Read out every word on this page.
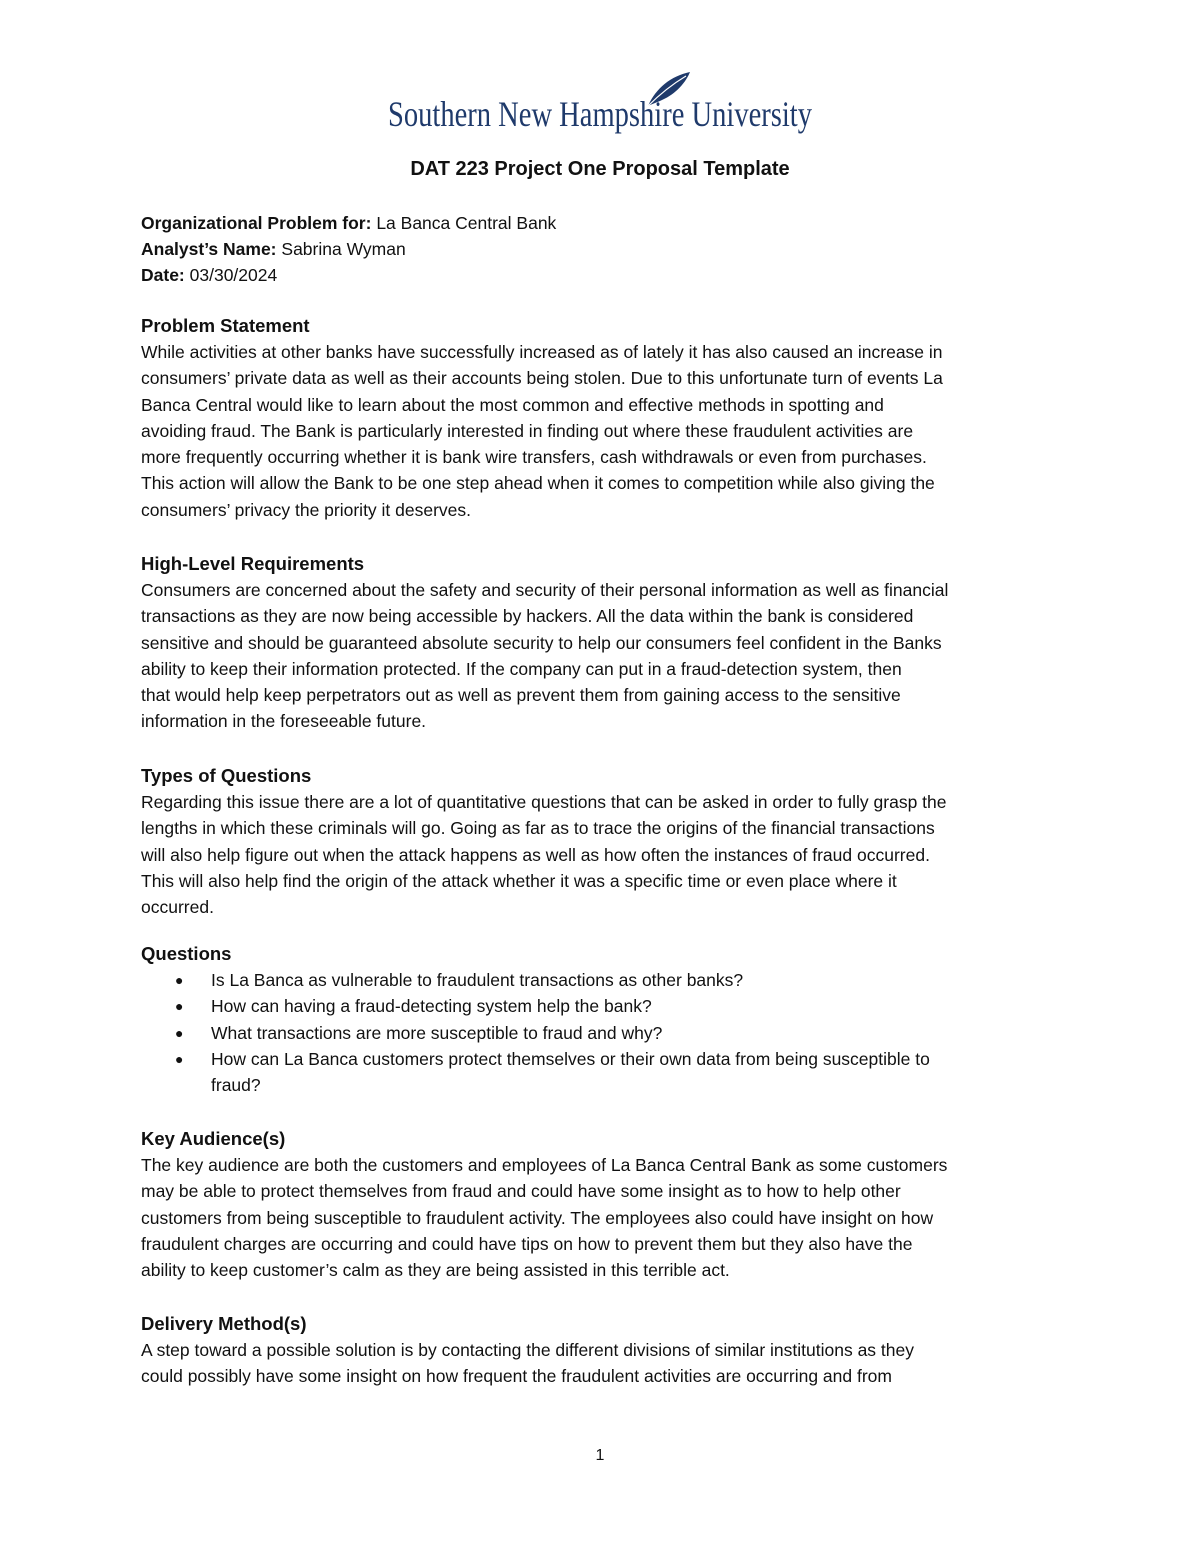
Southern New Hampshire University
DAT 223 Project One Proposal Template
Organizational Problem for: La Banca Central Bank
Analyst’s Name: Sabrina Wyman
Date: 03/30/2024
Problem Statement

While activities at other banks have successfully increased as of lately it has also caused an increase in
consumers’ private data as well as their accounts being stolen. Due to this unfortunate turn of events La
Banca Central would like to learn about the most common and effective methods in spotting and
avoiding fraud. The Bank is particularly interested in finding out where these fraudulent activities are
more frequently occurring whether it is bank wire transfers, cash withdrawals or even from purchases.
This action will allow the Bank to be one step ahead when it comes to competition while also giving the
consumers’ privacy the priority it deserves.

High-Level Requirements

Consumers are concerned about the safety and security of their personal information as well as financial
transactions as they are now being accessible by hackers. All the data within the bank is considered
sensitive and should be guaranteed absolute security to help our consumers feel confident in the Banks
ability to keep their information protected. If the company can put in a fraud-detection system, then
that would help keep perpetrators out as well as prevent them from gaining access to the sensitive
information in the foreseeable future.

Types of Questions

Regarding this issue there are a lot of quantitative questions that can be asked in order to fully grasp the
lengths in which these criminals will go. Going as far as to trace the origins of the financial transactions
will also help figure out when the attack happens as well as how often the instances of fraud occurred.
This will also help find the origin of the attack whether it was a specific time or even place where it
occurred.

Questions
● Is La Banca as vulnerable to fraudulent transactions as other banks?
● How can having a fraud-detecting system help the bank?
● What transactions are more susceptible to fraud and why?
● How can La Banca customers protect themselves or their own data from being susceptible to
fraud?
Key Audience(s)

The key audience are both the customers and employees of La Banca Central Bank as some customers
may be able to protect themselves from fraud and could have some insight as to how to help other
customers from being susceptible to fraudulent activity. The employees also could have insight on how
fraudulent charges are occurring and could have tips on how to prevent them but they also have the
ability to keep customer’s calm as they are being assisted in this terrible act.

Delivery Method(s)

A step toward a possible solution is by contacting the different divisions of similar institutions as they
could possibly have some insight on how frequent the fraudulent activities are occurring and from

1
